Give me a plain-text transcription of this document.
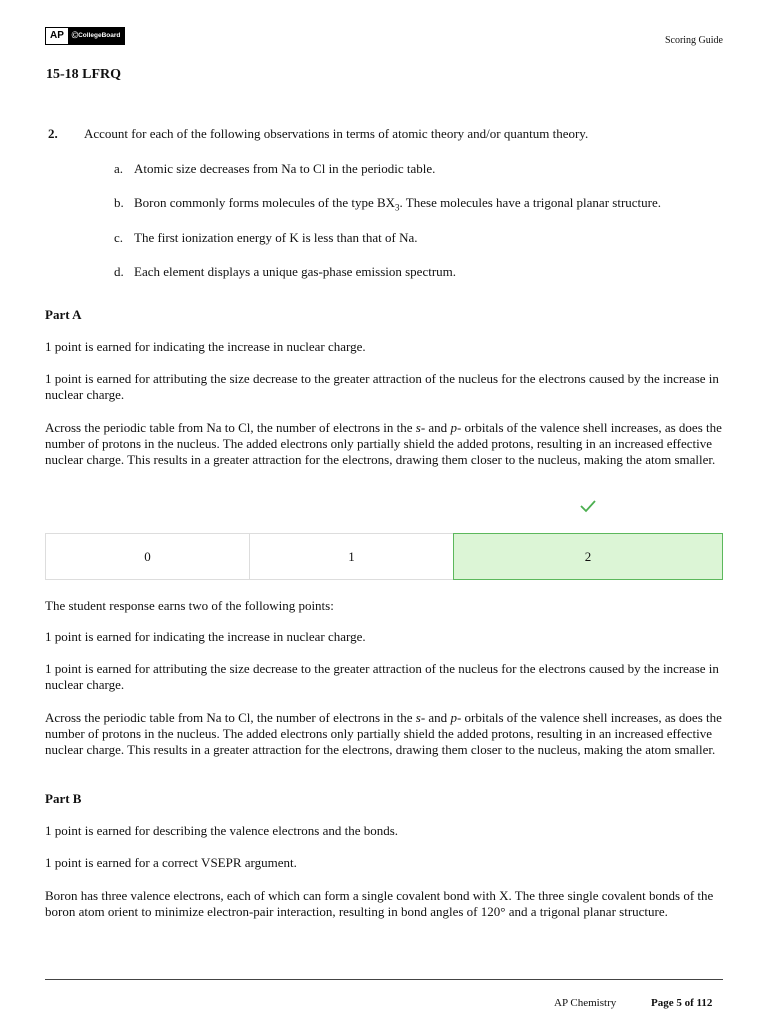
AP	ⒸCollegeBoard	Scoring Guide
15-18 LFRQ
2. Account for each of the following observations in terms of atomic theory and/or quantum theory.
a. Atomic size decreases from Na to Cl in the periodic table.
b. Boron commonly forms molecules of the type $BX_3$. These molecules have a trigonal planar structure.
c. The first ionization energy of K is less than that of Na.
d. Each element displays a unique gas-phase emission spectrum.
Part A
1 point is earned for indicating the increase in nuclear charge.
1 point is earned for attributing the size decrease to the greater attraction of the nucleus for the electrons caused by the increase in nuclear charge.
Across the periodic table from Na to Cl, the number of electrons in the s- and p- orbitals of the valence shell increases, as does the number of protons in the nucleus. The added electrons only partially shield the added protons, resulting in an increased effective nuclear charge. This results in a greater attraction for the electrons, drawing them closer to the nucleus, making the atom smaller.
0	1	2
The student response earns two of the following points:
1 point is earned for indicating the increase in nuclear charge.
1 point is earned for attributing the size decrease to the greater attraction of the nucleus for the electrons caused by the increase in nuclear charge.
Across the periodic table from Na to Cl, the number of electrons in the s- and p- orbitals of the valence shell increases, as does the number of protons in the nucleus. The added electrons only partially shield the added protons, resulting in an increased effective nuclear charge. This results in a greater attraction for the electrons, drawing them closer to the nucleus, making the atom smaller.
Part B
1 point is earned for describing the valence electrons and the bonds.
1 point is earned for a correct VSEPR argument.
Boron has three valence electrons, each of which can form a single covalent bond with X. The three single covalent bonds of the boron atom orient to minimize electron-pair interaction, resulting in bond angles of 120° and a trigonal planar structure.
AP Chemistry	Page 5 of 112
